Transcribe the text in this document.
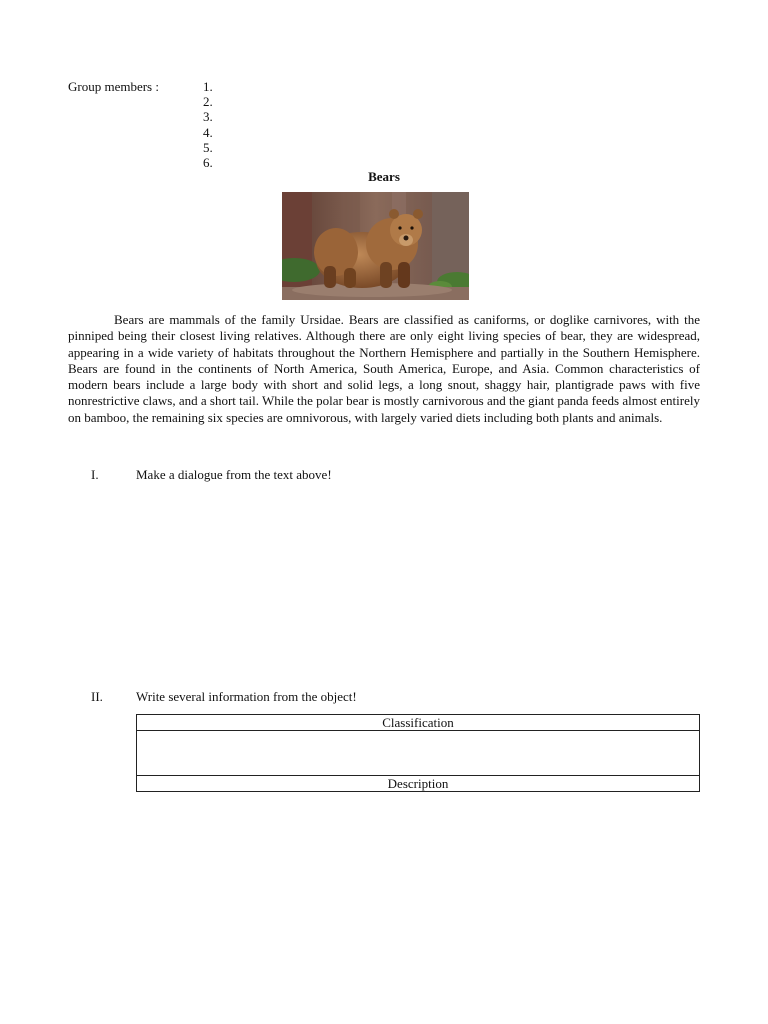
Group members :	1.
2.
3.
4.
5.
6.
Bears

Bears are mammals of the family Ursidae. Bears are classified as caniforms, or doglike carnivores, with the pinniped being their closest living relatives. Although there are only eight living species of bear, they are widespread, appearing in a wide variety of habitats throughout the Northern Hemisphere and partially in the Southern Hemisphere. Bears are found in the continents of North America, South America, Europe, and Asia. Common characteristics of modern bears include a large body with short and solid legs, a long snout, shaggy hair, plantigrade paws with five nonrestrictive claws, and a short tail. While the polar bear is mostly carnivorous and the giant panda feeds almost entirely on bamboo, the remaining six species are omnivorous, with largely varied diets including both plants and animals.

I.	Make a dialogue from the text above!
II.	Write several information from the object!
Classification

Description
